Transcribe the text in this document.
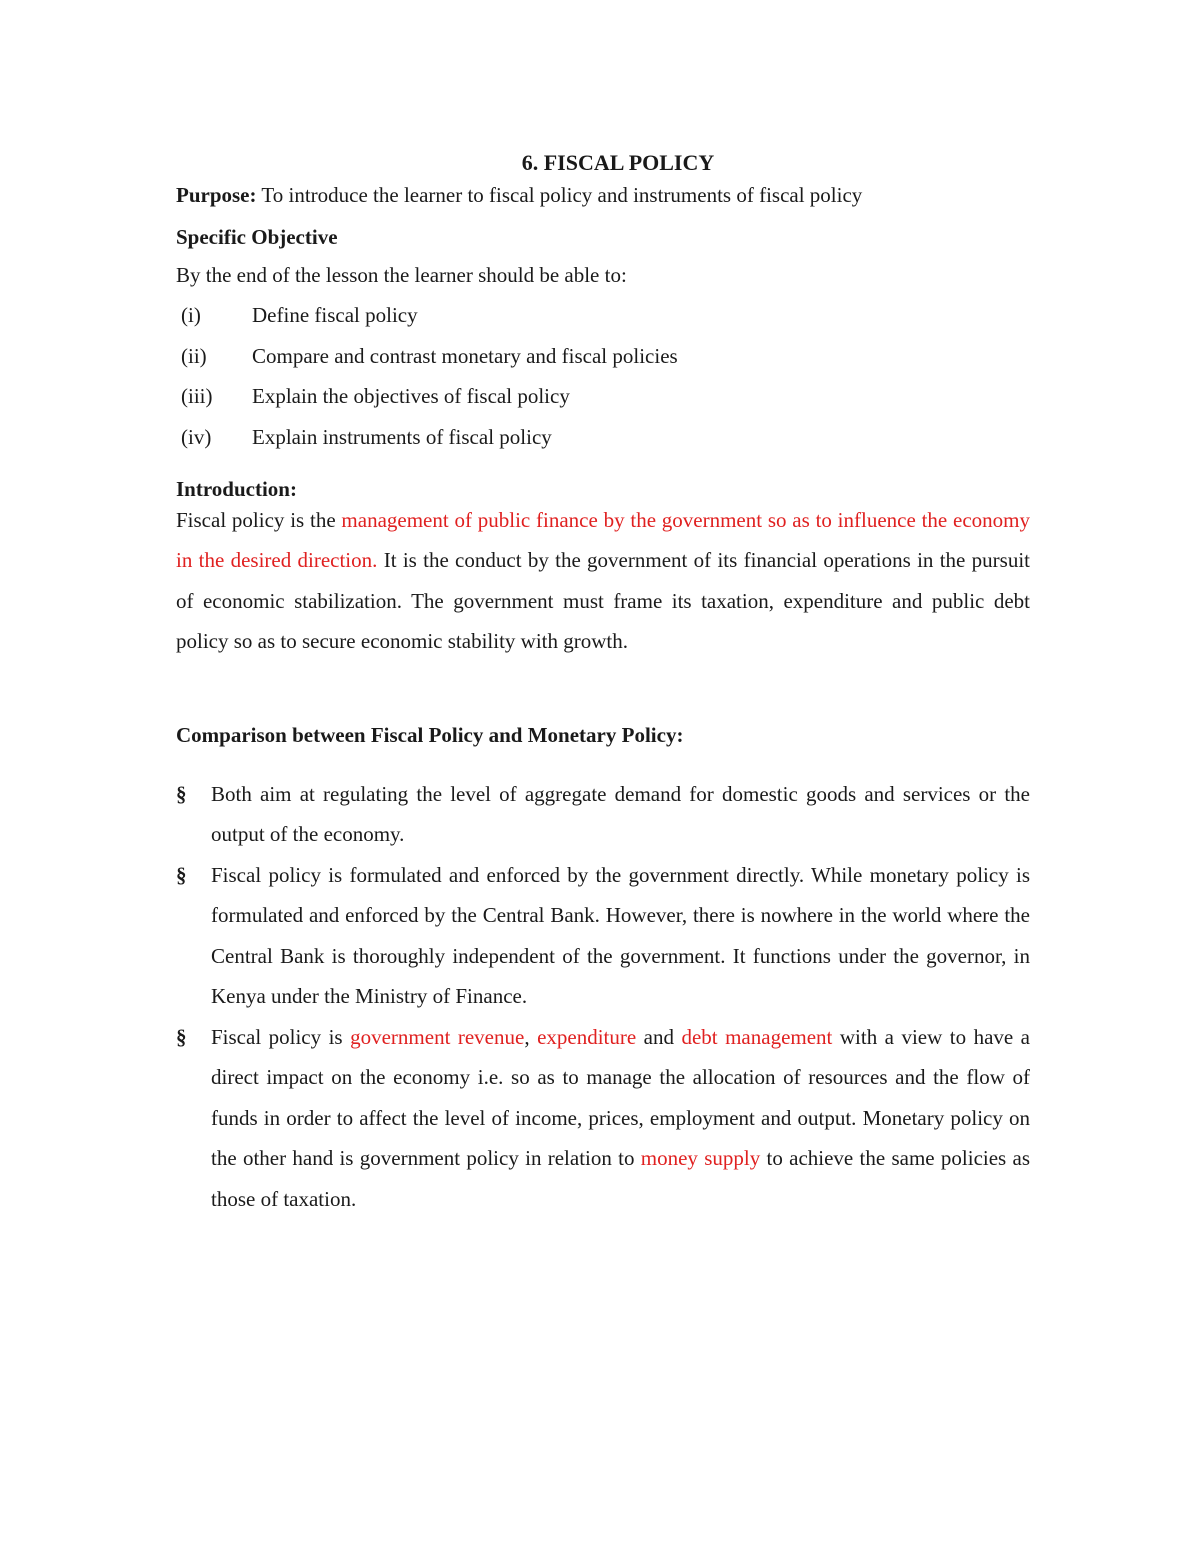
6. FISCAL POLICY
Purpose: To introduce the learner to fiscal policy and instruments of fiscal policy
Specific Objective
By the end of the lesson the learner should be able to:
(i)	Define fiscal policy
(ii)	Compare and contrast monetary and fiscal policies
(iii)	Explain the objectives of fiscal policy
(iv)	Explain instruments of fiscal policy
Introduction:
Fiscal policy is the management of public finance by the government so as to influence the economy in the desired direction. It is the conduct by the government of its financial operations in the pursuit of economic stabilization. The government must frame its taxation, expenditure and public debt policy so as to secure economic stability with growth.
Comparison between Fiscal Policy and Monetary Policy:
§	Both aim at regulating the level of aggregate demand for domestic goods and services or the output of the economy.
§	Fiscal policy is formulated and enforced by the government directly. While monetary policy is formulated and enforced by the Central Bank. However, there is nowhere in the world where the Central Bank is thoroughly independent of the government. It functions under the governor, in Kenya under the Ministry of Finance.
§	Fiscal policy is government revenue, expenditure and debt management with a view to have a direct impact on the economy i.e. so as to manage the allocation of resources and the flow of funds in order to affect the level of income, prices, employment and output. Monetary policy on the other hand is government policy in relation to money supply to achieve the same policies as those of taxation.
